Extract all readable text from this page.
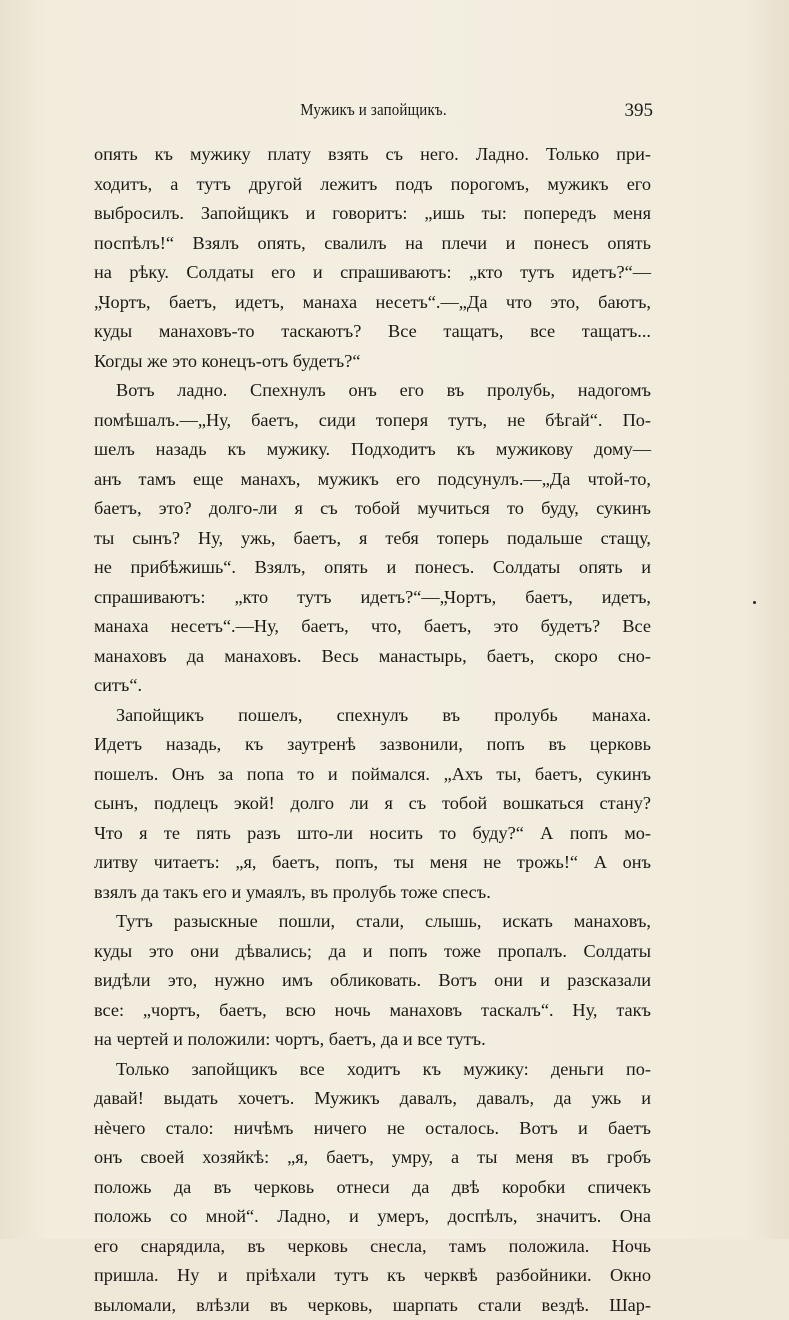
Мужикъ и запойщикъ.	395
опять къ мужику плату взять съ него. Ладно. Только при-
ходитъ, а тутъ другой лежитъ подъ порогомъ, мужикъ его
выбросилъ. Запойщикъ и говоритъ: „ишь ты: попередъ меня
поспѣлъ!“ Взялъ опять, свалилъ на плечи и понесъ опять
на рѣку. Солдаты его и спрашиваютъ: „кто тутъ идетъ?“—
„Чортъ, баетъ, идетъ, манаха несетъ“.—„Да что это, баютъ,
куды манаховъ-то таскаютъ? Все тащатъ, все тащатъ...
Когды же это конецъ-отъ будетъ?“
Вотъ ладно. Спехнулъ онъ его въ пролубь, надогомъ
помѣшалъ.—„Ну, баетъ, сиди топеря тутъ, не бѣгай“. По-
шелъ назадь къ мужику. Подходитъ къ мужикову дому—
анъ тамъ еще манахъ, мужикъ его подсунулъ.—„Да чтой-то,
баетъ, это? долго-ли я съ тобой мучиться то буду, сукинъ
ты сынъ? Ну, ужь, баетъ, я тебя топерь подальше стащу,
не прибѣжишь“. Взялъ, опять и понесъ. Солдаты опять и
спрашиваютъ: „кто тутъ идетъ?“—„Чортъ, баетъ, идетъ,
манаха несетъ“.—Ну, баетъ, что, баетъ, это будетъ? Все
манаховъ да манаховъ. Весь манастырь, баетъ, скоро сно-
ситъ“.
Запойщикъ пошелъ, спехнулъ въ пролубь манаха.
Идетъ назадь, къ заутренѣ зазвонили, попъ въ церковь
пошелъ. Онъ за попа то и поймался. „Ахъ ты, баетъ, сукинъ
сынъ, подлецъ экой! долго ли я съ тобой вошкаться стану?
Что я те пять разъ што-ли носить то буду?“ А попъ мо-
литву читаетъ: „я, баетъ, попъ, ты меня не трожь!“ А онъ
взялъ да такъ его и умаялъ, въ пролубь тоже спесъ.
Тутъ разыскные пошли, стали, слышь, искать манаховъ,
куды это они дѣвались; да и попъ тоже пропалъ. Солдаты
видѣли это, нужно имъ обликовать. Вотъ они и разсказали
все: „чортъ, баетъ, всю ночь манаховъ таскалъ“. Ну, такъ
на чертей и положили: чортъ, баетъ, да и все тутъ.
Только запойщикъ все ходитъ къ мужику: деньги по-
давай! выдать хочетъ. Мужикъ давалъ, давалъ, да ужь и
нѐчего стало: ничѣмъ ничего не осталось. Вотъ и баетъ
онъ своей хозяйкѣ: „я, баетъ, умру, а ты меня въ гробъ
положь да въ черковь отнеси да двѣ коробки спичекъ
положь со мной“. Ладно, и умеръ, доспѣлъ, значитъ. Она
его снарядила, въ черковь снесла, тамъ положила. Ночь
пришла. Ну и пріѣхали тутъ къ черквѣ разбойники. Окно
выломали, влѣзли въ черковь, шарпать стали вездѣ. Шар-
